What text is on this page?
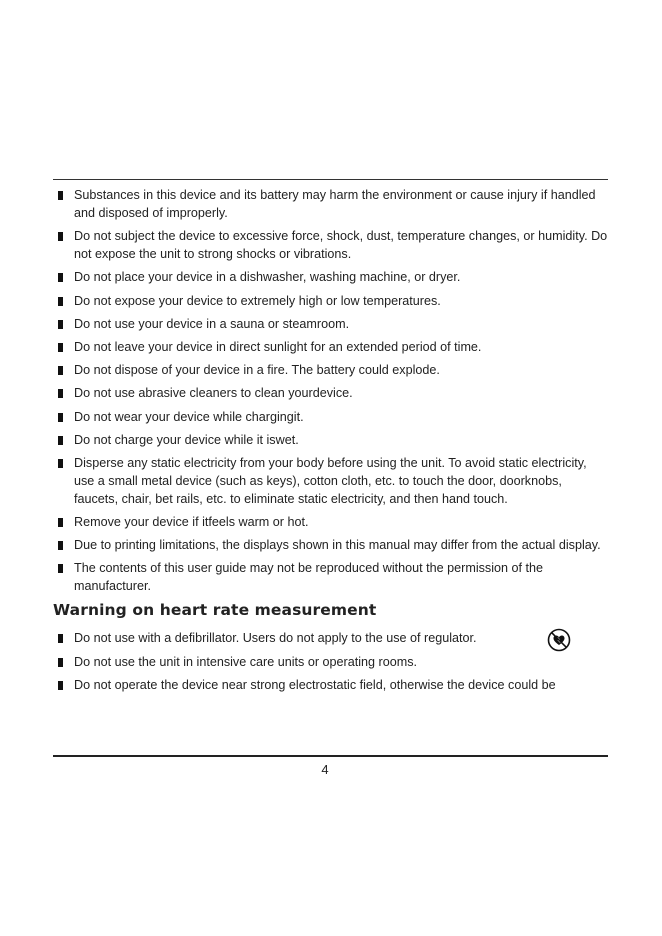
Substances in this device and its battery may harm the environment or cause injury if handled and disposed of improperly.
Do not subject the device to excessive force, shock, dust, temperature changes, or humidity. Do not expose the unit to strong shocks or vibrations.
Do not place your device in a dishwasher, washing machine, or dryer.
Do not expose your device to extremely high or low temperatures.
Do not use your device in a sauna or steamroom.
Do not leave your device in direct sunlight for an extended period of time.
Do not dispose of your device in a fire. The battery could explode.
Do not use abrasive cleaners to clean yourdevice.
Do not wear your device while chargingit.
Do not charge your device while it iswet.
Disperse any static electricity from your body before using the unit. To avoid static electricity, use a small metal device (such as keys), cotton cloth, etc. to touch the door, doorknobs, faucets, chair, bet rails, etc. to eliminate static electricity, and then hand touch.
Remove your device if itfeels warm or hot.
Due to printing limitations, the displays shown in this manual may differ from the actual display.
The contents of this user guide may not be reproduced without the permission of the manufacturer.
Warning on heart rate measurement
Do not use with a defibrillator. Users do not apply to the use of regulator.
Do not use the unit in intensive care units or operating rooms.
Do not operate the device near strong electrostatic field, otherwise the device could be
4
